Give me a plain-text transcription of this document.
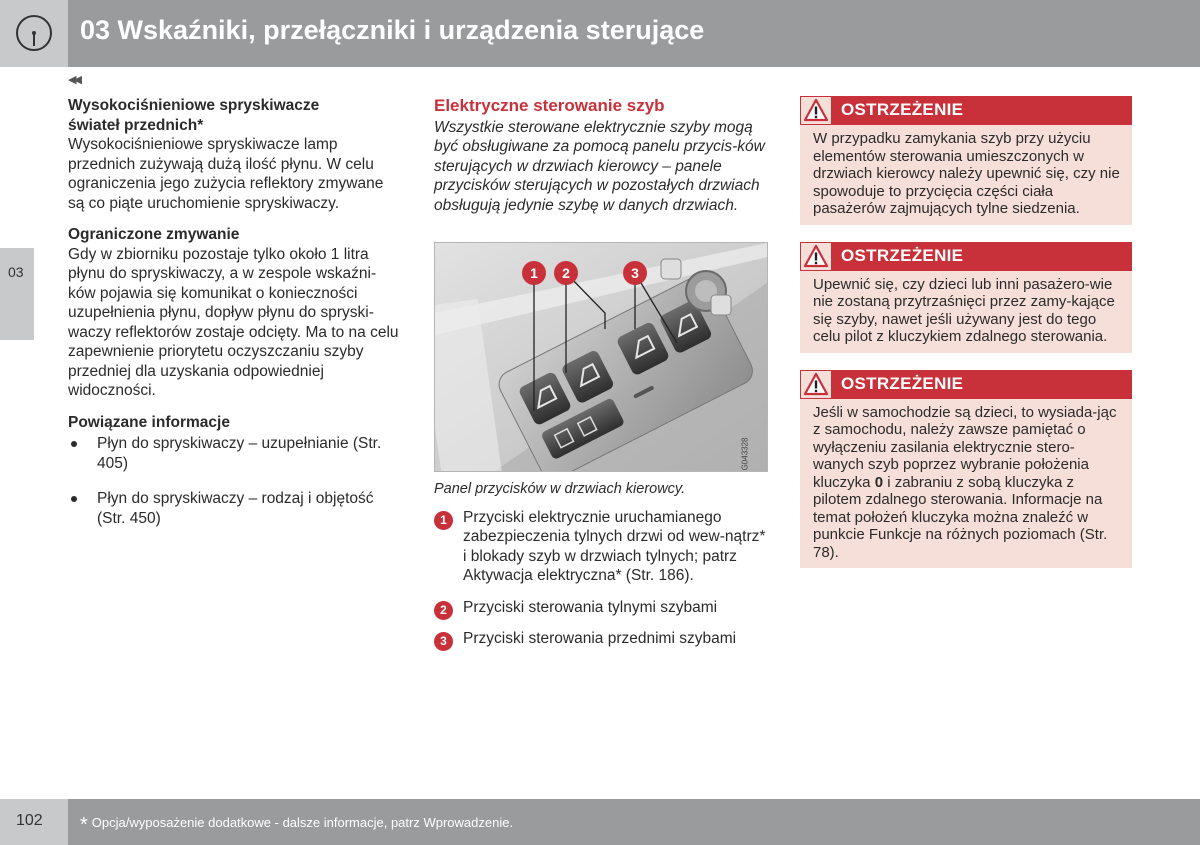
03 Wskaźniki, przełączniki i urządzenia sterujące
◀◀
03

Wysokociśnieniowe spryskiwacze
świateł przednich*

Wysokociśnieniowe spryskiwacze lamp przednich zużywają dużą ilość płynu. W celu ograniczenia jego zużycia reflektory zmywane są co piąte uruchomienie spryskiwaczy.

Ograniczone zmywanie

Gdy w zbiorniku pozostaje tylko około 1 litra płynu do spryskiwaczy, a w zespole wskaźni-ków pojawia się komunikat o konieczności uzupełnienia płynu, dopływ płynu do spryski-waczy reflektorów zostaje odcięty. Ma to na celu zapewnienie priorytetu oczyszczaniu szyby przedniej dla uzyskania odpowiedniej widoczności.

Powiązane informacje

Płyn do spryskiwaczy – uzupełnianie (Str. 405)
Płyn do spryskiwaczy – rodzaj i objętość (Str. 450)

Elektryczne sterowanie szyb

Wszystkie sterowane elektrycznie szyby mogą być obsługiwane za pomocą panelu przycis-ków sterujących w drzwiach kierowcy – panele przycisków sterujących w pozostałych drzwiach obsługują jedynie szybę w danych drzwiach.

1 2	3
G043328

Panel przycisków w drzwiach kierowcy.

1	Przyciski elektrycznie uruchamianego zabezpieczenia tylnych drzwi od wew-nątrz* i blokady szyb w drzwiach tylnych; patrz Aktywacja elektryczna* (Str. 186).
2	Przyciski sterowania tylnymi szybami
3	Przyciski sterowania przednimi szybami
OSTRZEŻENIE
W przypadku zamykania szyb przy użyciu elementów sterowania umieszczonych w drzwiach kierowcy należy upewnić się, czy nie spowoduje to przycięcia części ciała pasażerów zajmujących tylne siedzenia.
OSTRZEŻENIE
Upewnić się, czy dzieci lub inni pasażero-wie nie zostaną przytrzaśnięci przez zamy-kające się szyby, nawet jeśli używany jest do tego celu pilot z kluczykiem zdalnego sterowania.
OSTRZEŻENIE
Jeśli w samochodzie są dzieci, to wysiada-jąc z samochodu, należy zawsze pamiętać o wyłączeniu zasilania elektrycznie stero-wanych szyb poprzez wybranie położenia kluczyka 0 i zabraniu z sobą kluczyka z pilotem zdalnego sterowania. Informacje na temat położeń kluczyka można znaleźć w punkcie Funkcje na różnych poziomach (Str. 78).
102 * Opcja/wyposażenie dodatkowe - dalsze informacje, patrz Wprowadzenie.
